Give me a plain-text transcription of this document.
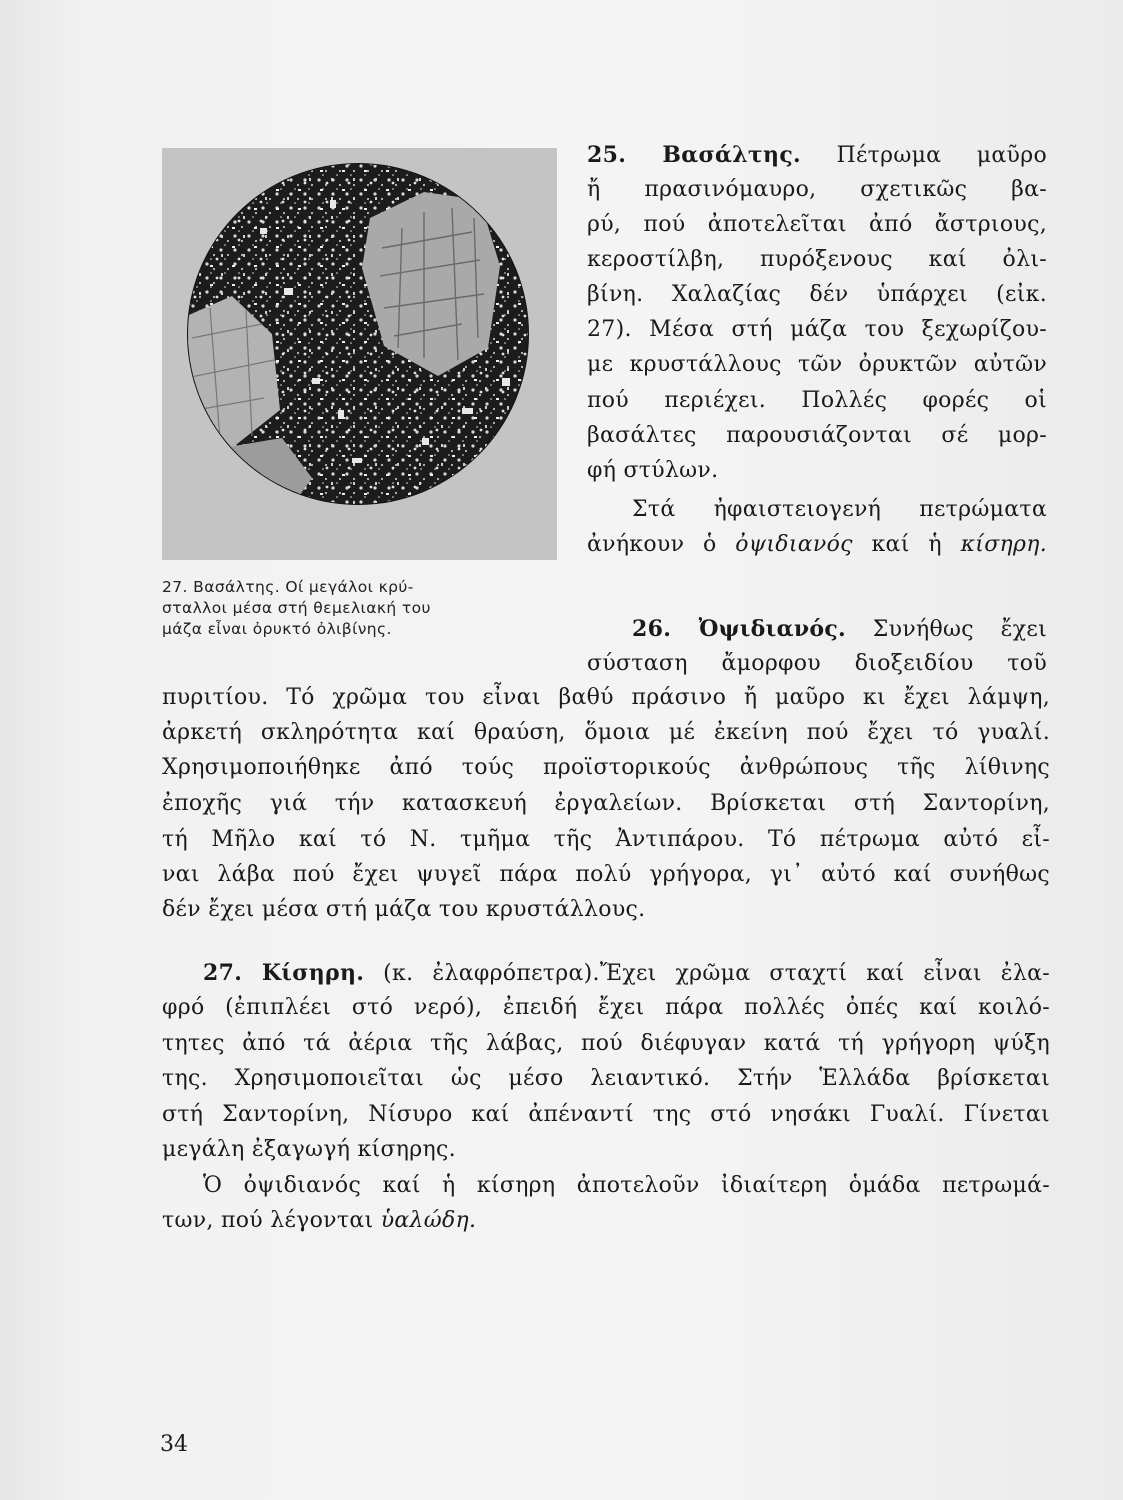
27. Βασάλτης. Οί μεγάλοι κρύ-
σταλλοι μέσα στή θεμελιακή του
μάζα εἶναι ὀρυκτό ὀλιβίνης.
25. Βασάλτης. Πέτρωμα μαῦρο
ἤ πρασινόμαυρο, σχετικῶς βα-
ρύ, πού ἀποτελεῖται ἀπό ἄστριους,
κεροστίλβη, πυρόξενους καί ὀλι-
βίνη. Χαλαζίας δέν ὑπάρχει (εἰκ.
27). Μέσα στή μάζα του ξεχωρίζου-
με κρυστάλλους τῶν ὀρυκτῶν αὐτῶν
πού περιέχει. Πολλές φορές οἱ
βασάλτες παρουσιάζονται σέ μορ-
φή στύλων.
Στά ἠφαιστειογενή πετρώματα
ἀνήκουν ὁ ὀψιδιανός καί ἡ κίσηρη.
26. Ὀψιδιανός. Συνήθως ἔχει
σύσταση ἄμορφου διοξειδίου τοῦ
πυριτίου. Τό χρῶμα του εἶναι βαθύ πράσινο ἤ μαῦρο κι ἔχει λάμψη,
ἀρκετή σκληρότητα καί θραύση, ὅμοια μέ ἐκείνη πού ἔχει τό γυαλί.
Χρησιμοποιήθηκε ἀπό τούς προϊστορικούς ἀνθρώπους τῆς λίθινης
ἐποχῆς γιά τήν κατασκευή ἐργαλείων. Βρίσκεται στή Σαντορίνη,
τή Μῆλο καί τό Ν. τμῆμα τῆς Ἀντιπάρου. Τό πέτρωμα αὐτό εἶ-
ναι λάβα πού ἔχει ψυγεῖ πάρα πολύ γρήγορα, γι᾿ αὐτό καί συνήθως
δέν ἔχει μέσα στή μάζα του κρυστάλλους.
27. Κίσηρη. (κ. ἐλαφρόπετρα).Ἔχει χρῶμα σταχτί καί εἶναι ἐλα-
φρό (ἐπιπλέει στό νερό), ἐπειδή ἔχει πάρα πολλές ὀπές καί κοιλό-
τητες ἀπό τά ἀέρια τῆς λάβας, πού διέφυγαν κατά τή γρήγορη ψύξη
της. Χρησιμοποιεῖται ὡς μέσο λειαντικό. Στήν Ἑλλάδα βρίσκεται
στή Σαντορίνη, Νίσυρο καί ἀπέναντί της στό νησάκι Γυαλί. Γίνεται
μεγάλη ἐξαγωγή κίσηρης.
Ὁ ὀψιδιανός καί ἡ κίσηρη ἀποτελοῦν ἰδιαίτερη ὁμάδα πετρωμά-
των, πού λέγονται ὑαλώδη.
34
